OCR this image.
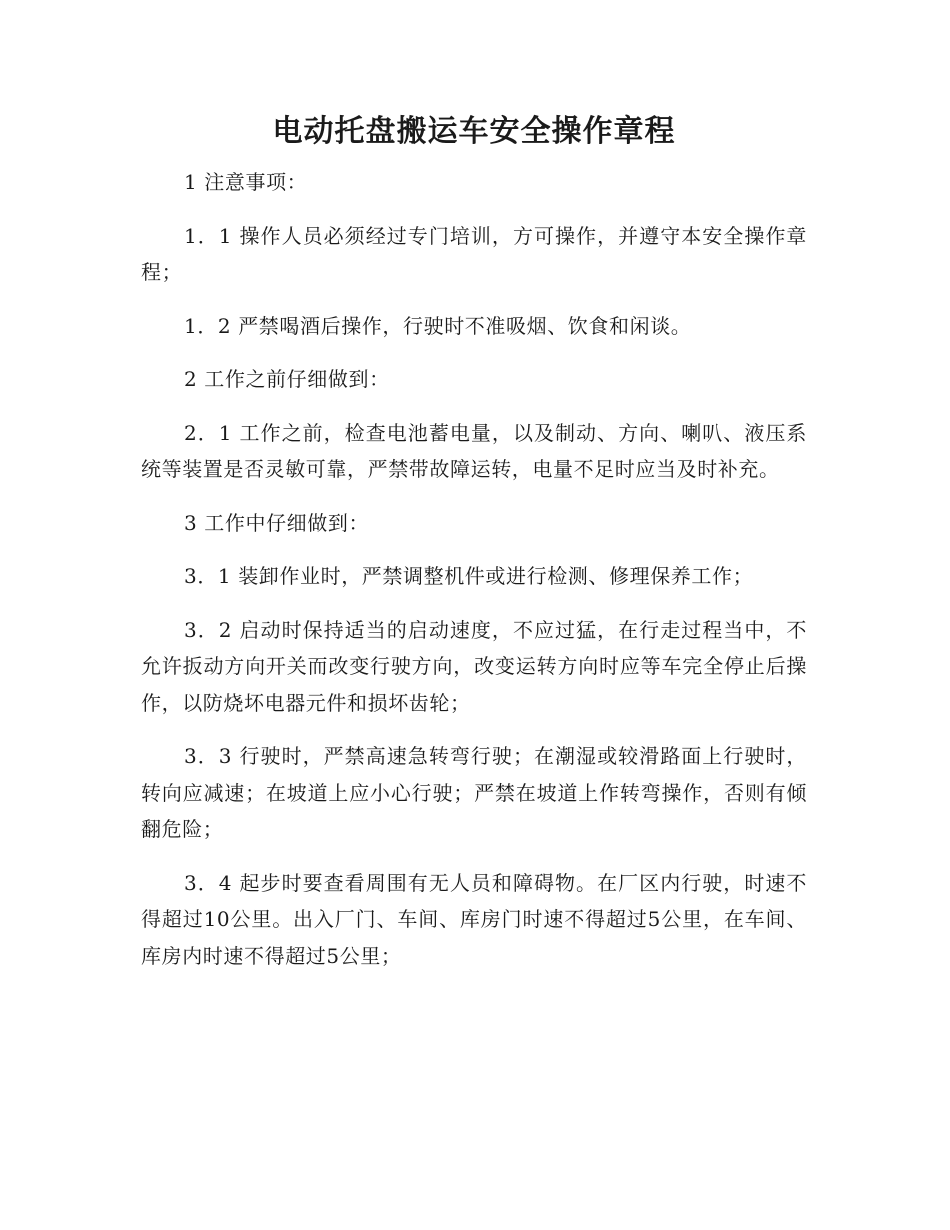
电动托盘搬运车安全操作章程

1 注意事项：

1．1 操作人员必须经过专门培训，方可操作，并遵守本安全操作章程；

1．2 严禁喝酒后操作，行驶时不准吸烟、饮食和闲谈。

2 工作之前仔细做到：

2．1 工作之前，检查电池蓄电量，以及制动、方向、喇叭、液压系统等装置是否灵敏可靠，严禁带故障运转，电量不足时应当及时补充。

3 工作中仔细做到：

3．1 装卸作业时，严禁调整机件或进行检测、修理保养工作；

3．2 启动时保持适当的启动速度，不应过猛，在行走过程当中，不允许扳动方向开关而改变行驶方向，改变运转方向时应等车完全停止后操作，以防烧坏电器元件和损坏齿轮；

3．3 行驶时，严禁高速急转弯行驶；在潮湿或较滑路面上行驶时，转向应减速；在坡道上应小心行驶；严禁在坡道上作转弯操作，否则有倾翻危险；

3．4 起步时要查看周围有无人员和障碍物。在厂区内行驶，时速不得超过10公里。出入厂门、车间、库房门时速不得超过5公里，在车间、库房内时速不得超过5公里；
